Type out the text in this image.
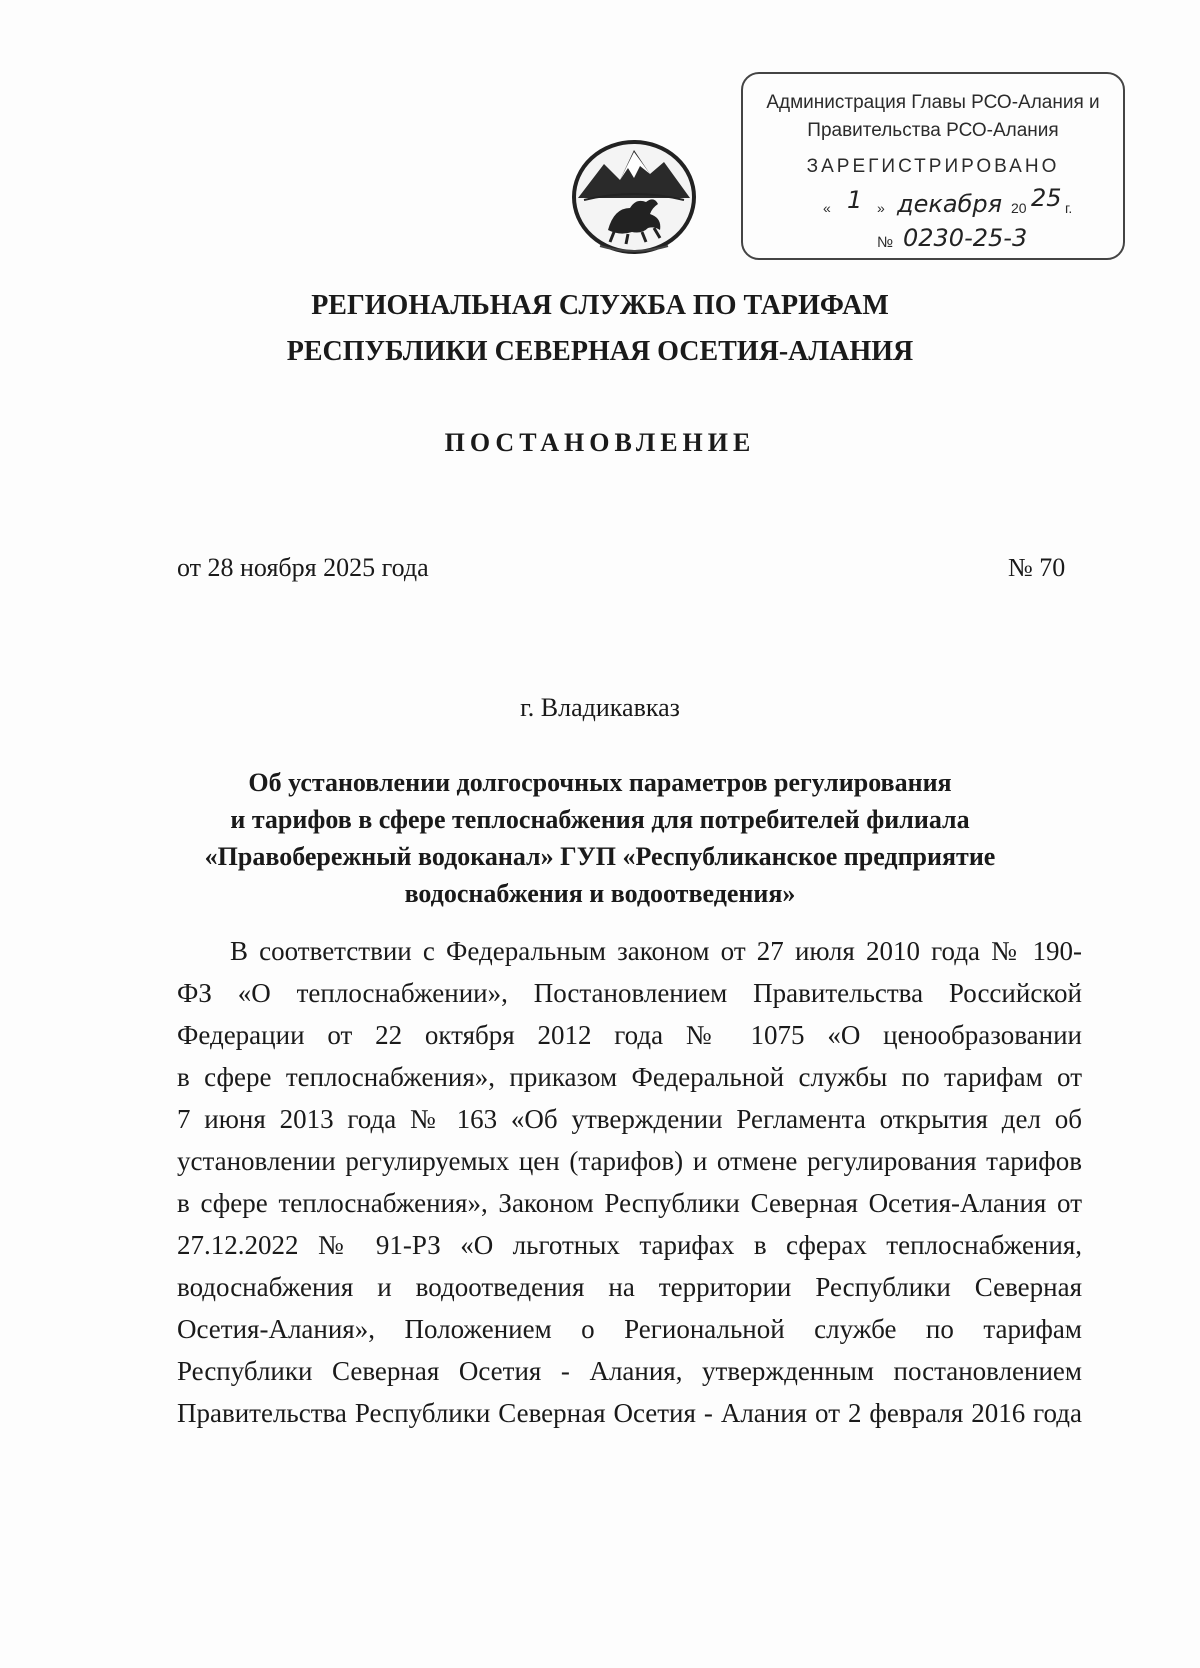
Администрация Главы РСО-Алания и
Правительства РСО-Алания
ЗАРЕГИСТРИРОВАНО
« 1 » декабря 20 25 г.
№ 0230-25-3
РЕГИОНАЛЬНАЯ СЛУЖБА ПО ТАРИФАМ
РЕСПУБЛИКИ СЕВЕРНАЯ ОСЕТИЯ-АЛАНИЯ
ПОСТАНОВЛЕНИЕ
от 28 ноября 2025 года	№ 70
г. Владикавказ
Об установлении долгосрочных параметров регулирования
и тарифов в сфере теплоснабжения для потребителей филиала
«Правобережный водоканал» ГУП «Республиканское предприятие
водоснабжения и водоотведения»
В соответствии с Федеральным законом от 27 июля 2010 года № 190-
ФЗ «О теплоснабжении», Постановлением Правительства Российской
Федерации от 22 октября 2012 года № 1075 «О ценообразовании
в сфере теплоснабжения», приказом Федеральной службы по тарифам от
7 июня 2013 года № 163 «Об утверждении Регламента открытия дел об
установлении регулируемых цен (тарифов) и отмене регулирования тарифов
в сфере теплоснабжения», Законом Республики Северная Осетия-Алания от
27.12.2022 № 91-РЗ «О льготных тарифах в сферах теплоснабжения,
водоснабжения и водоотведения на территории Республики Северная
Осетия-Алания», Положением о Региональной службе по тарифам
Республики Северная Осетия - Алания, утвержденным постановлением
Правительства Республики Северная Осетия - Алания от 2 февраля 2016 года
